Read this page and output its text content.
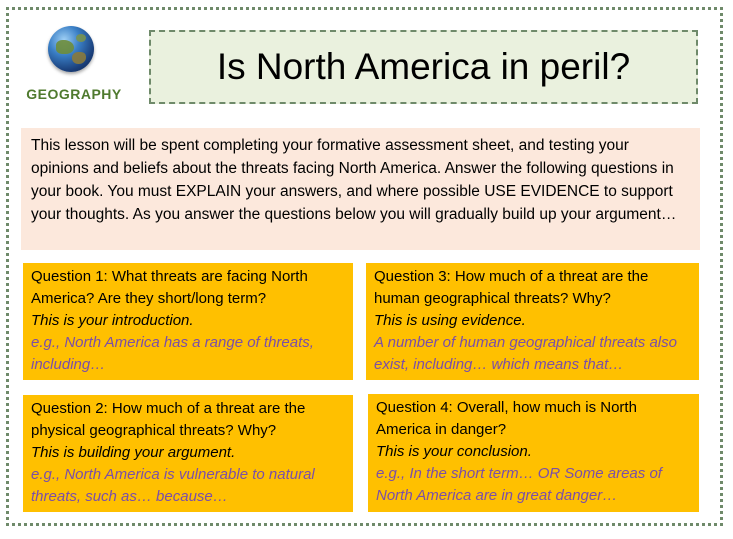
GEOGRAPHY
Is North America in peril?
This lesson will be spent completing your formative assessment sheet, and testing your opinions and beliefs about the threats facing North America. Answer the following questions in your book. You must EXPLAIN your answers, and where possible USE EVIDENCE to support your thoughts. As you answer the questions below you will gradually build up your argument…
Question 1: What threats are facing North America? Are they short/long term?
This is your introduction.
e.g., North America has a range of threats, including…
Question 3: How much of a threat are the human geographical threats? Why?
This is using evidence.
A number of human geographical threats also exist, including… which means that…
Question 2: How much of a threat are the physical geographical threats? Why?
This is building your argument.
e.g., North America is vulnerable to natural threats, such as… because…
Question 4: Overall, how much is North America in danger?
This is your conclusion.
e.g., In the short term… OR Some areas of North America are in great danger…
